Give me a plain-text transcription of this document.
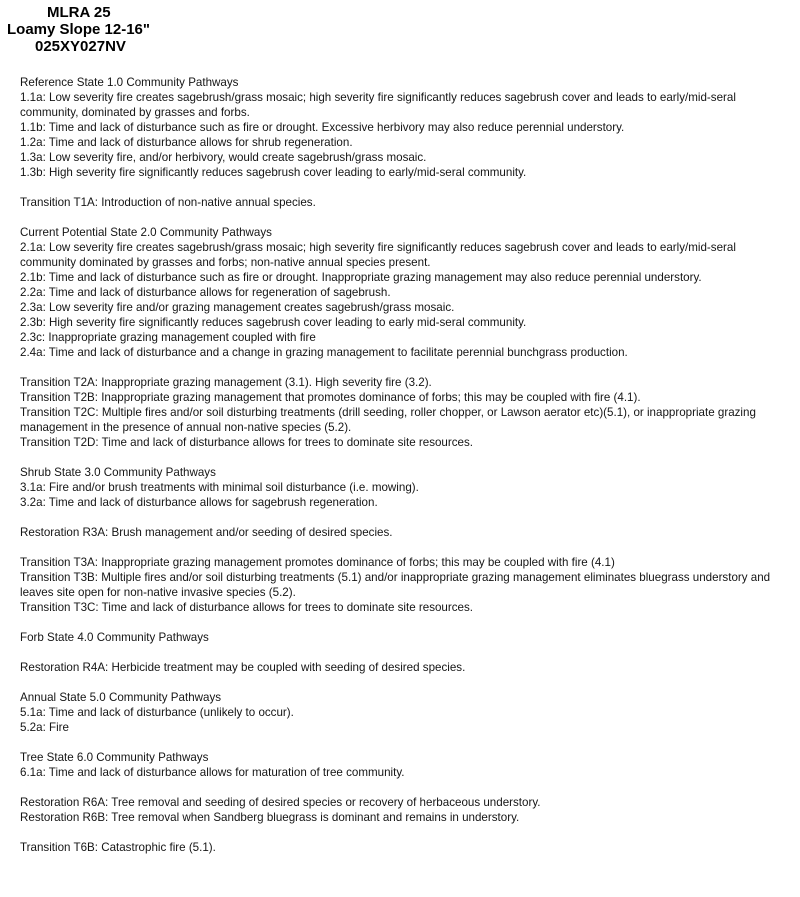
MLRA 25
Loamy Slope 12-16"
025XY027NV
Reference State 1.0 Community Pathways
1.1a: Low severity fire creates sagebrush/grass mosaic; high severity fire significantly reduces sagebrush cover and leads to early/mid-seral community, dominated by grasses and forbs.
1.1b: Time and lack of disturbance such as fire or drought. Excessive herbivory may also reduce perennial understory.
1.2a: Time and lack of disturbance allows for shrub regeneration.
1.3a: Low severity fire, and/or herbivory, would create sagebrush/grass mosaic.
1.3b: High severity fire significantly reduces sagebrush cover leading to early/mid-seral community.
Transition T1A: Introduction of non-native annual species.
Current Potential State 2.0 Community Pathways
2.1a: Low severity fire creates sagebrush/grass mosaic; high severity fire significantly reduces sagebrush cover and leads to early/mid-seral community dominated by grasses and forbs; non-native annual species present.
2.1b: Time and lack of disturbance such as fire or drought. Inappropriate grazing management may also reduce perennial understory.
2.2a: Time and lack of disturbance allows for regeneration of sagebrush.
2.3a: Low severity fire and/or grazing management creates sagebrush/grass mosaic.
2.3b: High severity fire significantly reduces sagebrush cover leading to early mid-seral community.
2.3c: Inappropriate grazing management coupled with fire
2.4a: Time and lack of disturbance and a change in grazing management to facilitate perennial bunchgrass production.
Transition T2A: Inappropriate grazing management (3.1). High severity fire (3.2).
Transition T2B: Inappropriate grazing management that promotes dominance of forbs; this may be coupled with fire (4.1).
Transition T2C: Multiple fires and/or soil disturbing treatments (drill seeding, roller chopper, or Lawson aerator etc)(5.1), or inappropriate grazing management in the presence of annual non-native species (5.2).
Transition T2D: Time and lack of disturbance allows for trees to dominate site resources.
Shrub State 3.0 Community Pathways
3.1a: Fire and/or brush treatments with minimal soil disturbance (i.e. mowing).
3.2a: Time and lack of disturbance allows for sagebrush regeneration.
Restoration R3A: Brush management and/or seeding of desired species.
Transition T3A: Inappropriate grazing management promotes dominance of forbs; this may be coupled with fire (4.1)
Transition T3B: Multiple fires and/or soil disturbing treatments (5.1) and/or inappropriate grazing management eliminates bluegrass understory and leaves site open for non-native invasive species (5.2).
Transition T3C: Time and lack of disturbance allows for trees to dominate site resources.
Forb State 4.0 Community Pathways
Restoration R4A: Herbicide treatment may be coupled with seeding of desired species.
Annual State 5.0 Community Pathways
5.1a: Time and lack of disturbance (unlikely to occur).
5.2a: Fire
Tree State 6.0 Community Pathways
6.1a: Time and lack of disturbance allows for maturation of tree community.
Restoration R6A: Tree removal and seeding of desired species or recovery of herbaceous understory.
Restoration R6B: Tree removal when Sandberg bluegrass is dominant and remains in understory.
Transition T6B: Catastrophic fire (5.1).
